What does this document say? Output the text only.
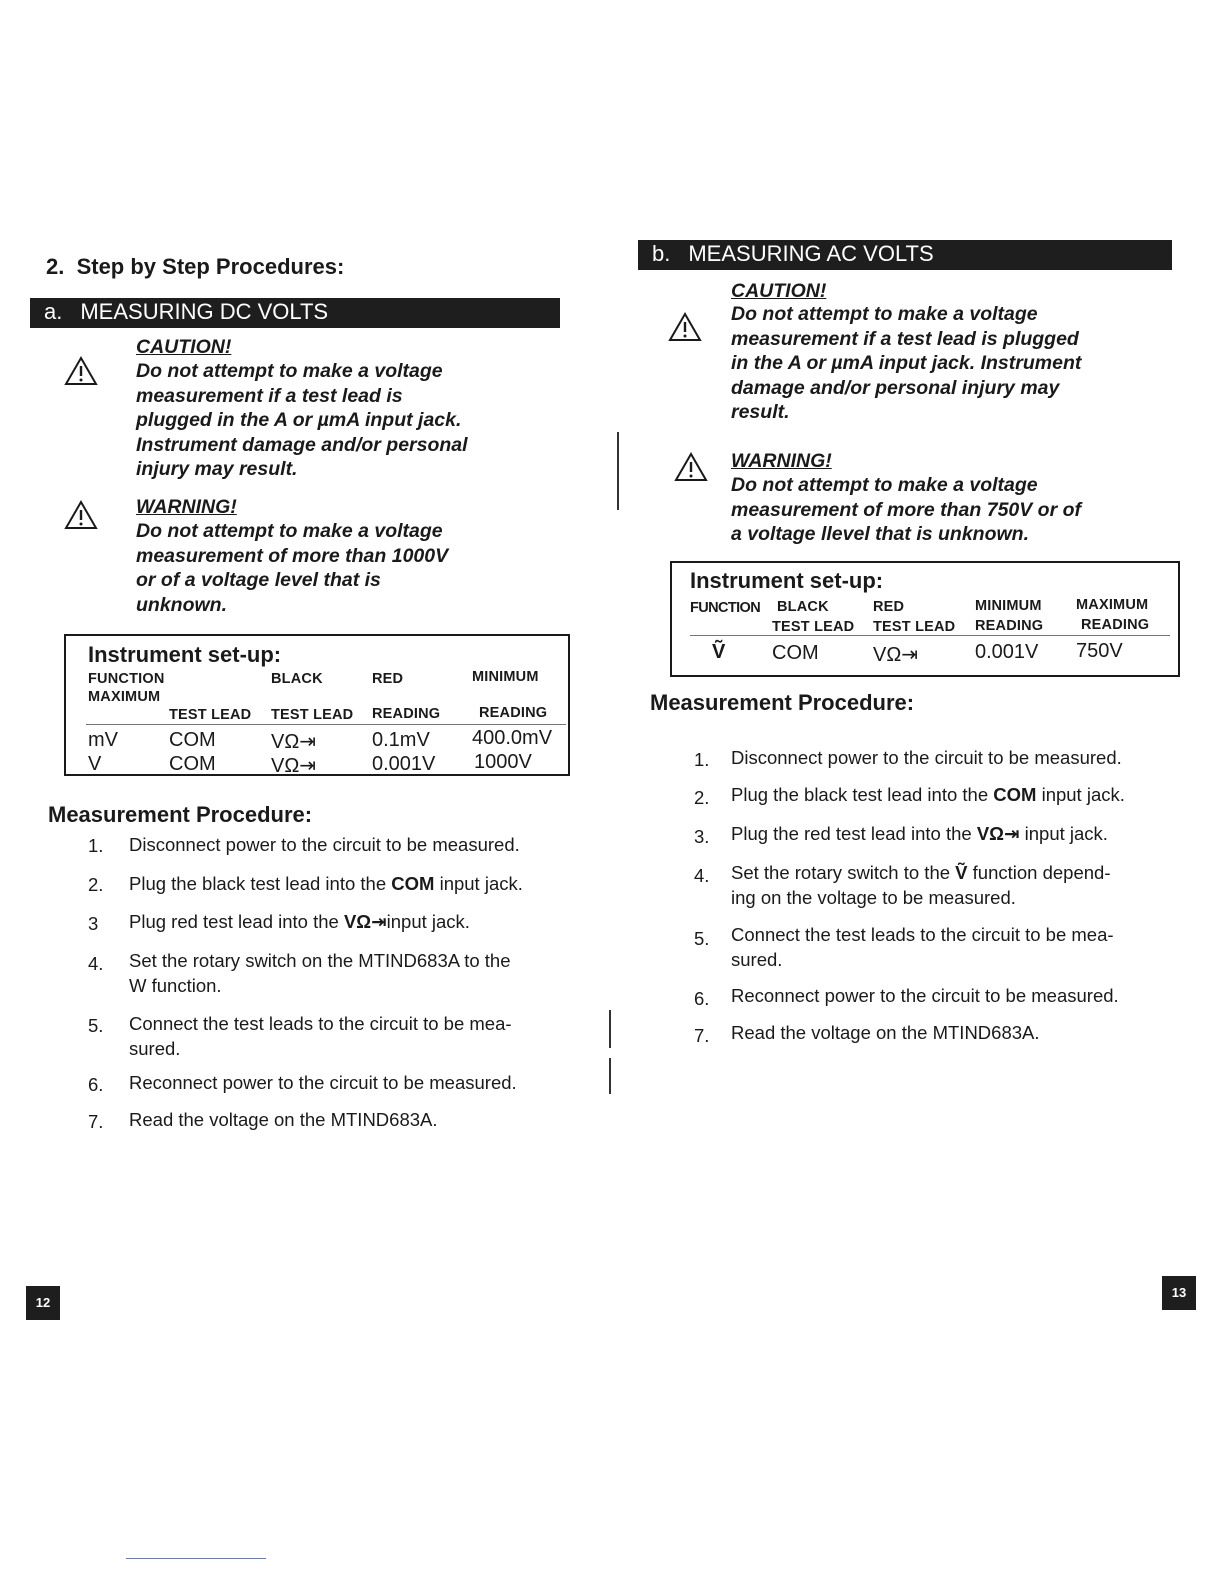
2.  Step by Step Procedures:
a. MEASURING DC VOLTS
CAUTION!
Do not attempt to make a voltage
measurement if a test lead is
plugged in the A or µmA input jack.
Instrument damage and/or personal
injury may result.
WARNING!
Do not attempt to make a voltage
measurement of more than 1000V
or of a voltage level that is
unknown.
Instrument set-up:
FUNCTION
MAXIMUM
BLACK	RED	MINIMUM
TEST LEAD TEST LEAD READING	READING
mV	COM	VΩ⇥	0.1mV 400.0mV
V	COM	VΩ⇥	0.001V 1000V
Measurement Procedure:
1. Disconnect power to the circuit to be measured.
2. Plug the black test lead into the COM input jack.
3 Plug red test lead into the VΩ⇥input jack.
4. Set the rotary switch on the MTIND683A to the
W function.
5. Connect the test leads to the circuit to be mea-
sured.
6. Reconnect power to the circuit to be measured.
7. Read the voltage on the MTIND683A.
12
b. MEASURING AC VOLTS
CAUTION!
Do not attempt to make a voltage
measurement if a test lead is plugged
in the A or µmA input jack. Instrument
damage and/or personal injury may
result.
WARNING!
Do not attempt to make a voltage
measurement of more than 750V or of
a voltage llevel that is unknown.
Instrument set-up:
FUNCTION BLACK	RED	MINIMUM MAXIMUM
TEST LEAD TEST LEAD READING	READING
Ṽ COM	VΩ⇥	0.001V 750V
Measurement Procedure:
1. Disconnect power to the circuit to be measured.
2. Plug the black test lead into the COM input jack.
3. Plug the red test lead into the VΩ⇥ input jack.
4. Set the rotary switch to the Ṽ function depend-
ing on the voltage to be measured.
5. Connect the test leads to the circuit to be mea-
sured.
6. Reconnect power to the circuit to be measured.
7. Read the voltage on the MTIND683A.
13
